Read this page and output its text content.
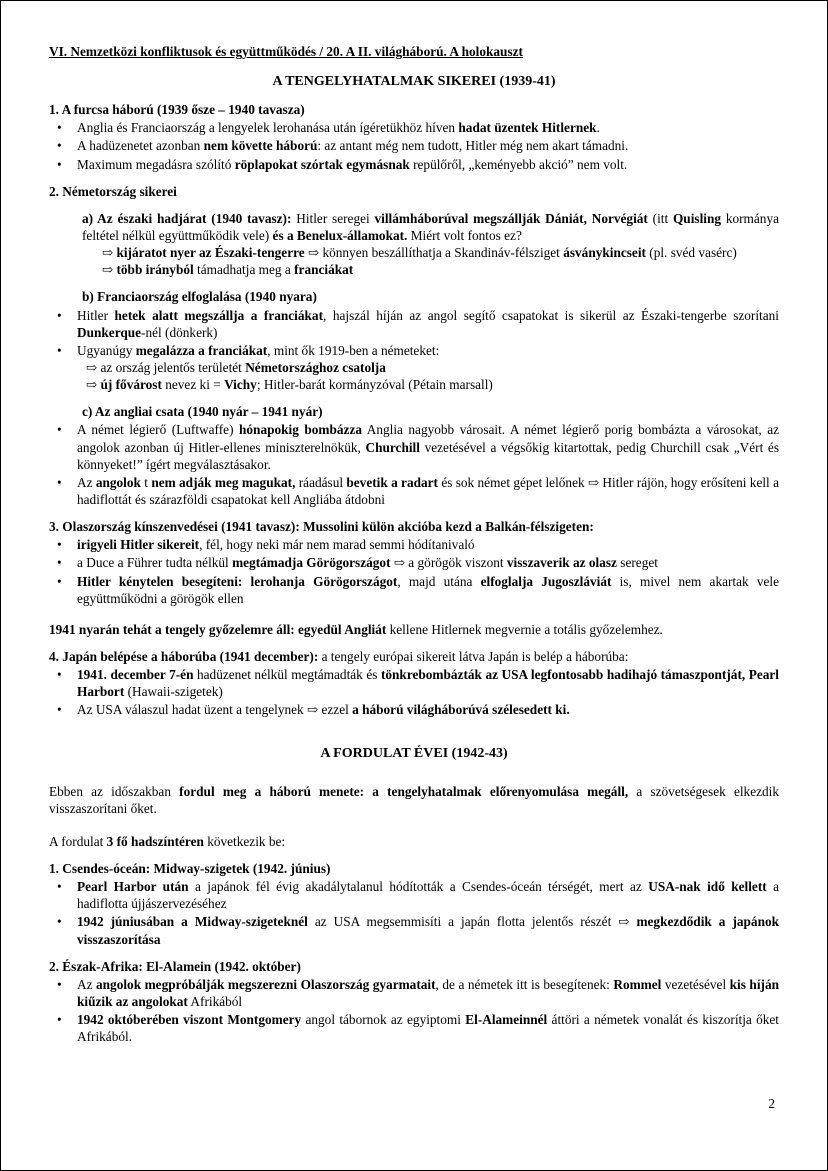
VI. Nemzetközi konfliktusok és együttműködés / 20. A II. világháború. A holokauszt
A TENGELYHATALMAK SIKEREI (1939-41)
1. A furcsa háború (1939 ősze – 1940 tavasza)
• Anglia és Franciaország a lengyelek lerohanása után ígéretükhöz híven hadat üzentek Hitlernek.
• A hadüzenetet azonban nem követte háború: az antant még nem tudott, Hitler még nem akart támadni.
• Maximum megadásra szólító röplapokat szórtak egymásnak repülőről, „keményebb akció” nem volt.
2. Németország sikerei
a) Az északi hadjárat (1940 tavasz): Hitler seregei villámháborúval megszállják Dániát, Norvégiát (itt Quisling kormánya feltétel nélkül együttműködik vele) és a Benelux-államokat. Miért volt fontos ez?
⇨ kijáratot nyer az Északi-tengerre ⇨ könnyen beszállíthatja a Skandináv-félsziget ásványkincseit (pl. svéd vasérc)
⇨ több irányból támadhatja meg a franciákat
b) Franciaország elfoglalása (1940 nyara)
• Hitler hetek alatt megszállja a franciákat, hajszál híján az angol segítő csapatokat is sikerül az Északi-tengerbe szorítani Dunkerque-nél (dönkerk)
• Ugyanúgy megalázza a franciákat, mint ők 1919-ben a németeket:
⇨ az ország jelentős területét Németországhoz csatolja
⇨ új fővárost nevez ki = Vichy; Hitler-barát kormányzóval (Pétain marsall)
c) Az angliai csata (1940 nyár – 1941 nyár)
• A német légierő (Luftwaffe) hónapokig bombázza Anglia nagyobb városait. A német légierő porig bombázta a városokat, az angolok azonban új Hitler-ellenes miniszterelnökük, Churchill vezetésével a végsőkig kitartottak, pedig Churchill csak „Vért és könnyeket!” ígért megválasztásakor.
• Az angolok t nem adják meg magukat, ráadásul bevetik a radart és sok német gépet lelőnek ⇨ Hitler rájön, hogy erősíteni kell a hadiflottát és szárazföldi csapatokat kell Angliába átdobni
3. Olaszország kínszenvedései (1941 tavasz): Mussolini külön akcióba kezd a Balkán-félszigeten:
• irigyeli Hitler sikereit, fél, hogy neki már nem marad semmi hódítanivaló
• a Duce a Führer tudta nélkül megtámadja Görögországot ⇨ a görögök viszont visszaverik az olasz sereget
• Hitler kénytelen besegíteni: lerohanja Görögországot, majd utána elfoglalja Jugoszláviát is, mivel nem akartak vele együttműködni a görögök ellen
1941 nyarán tehát a tengely győzelemre áll: egyedül Angliát kellene Hitlernek megvernie a totális győzelemhez.
4. Japán belépése a háborúba (1941 december): a tengely európai sikereit látva Japán is belép a háborúba:
• 1941. december 7-én hadüzenet nélkül megtámadták és tönkrebombázták az USA legfontosabb hadihajó támaszpontját, Pearl Harbort (Hawaii-szigetek)
• Az USA válaszul hadat üzent a tengelynek ⇨ ezzel a háború világháborúvá szélesedett ki.
A FORDULAT ÉVEI (1942-43)
Ebben az időszakban fordul meg a háború menete: a tengelyhatalmak előrenyomulása megáll, a szövetségesek elkezdik visszaszorítani őket.
A fordulat 3 fő hadszíntéren következik be:
1. Csendes-óceán: Midway-szigetek (1942. június)
• Pearl Harbor után a japánok fél évig akadálytalanul hódították a Csendes-óceán térségét, mert az USA-nak idő kellett a hadiflotta újjászervezéséhez
• 1942 júniusában a Midway-szigeteknél az USA megsemmisíti a japán flotta jelentős részét ⇨ megkezdődik a japánok visszaszorítása
2. Észak-Afrika: El-Alamein (1942. október)
• Az angolok megpróbálják megszerezni Olaszország gyarmatait, de a németek itt is besegítenek: Rommel vezetésével kis híján kiűzik az angolokat Afrikából
• 1942 októberében viszont Montgomery angol tábornok az egyiptomi El-Alameinnél áttöri a németek vonalát és kiszorítja őket Afrikából.
2
